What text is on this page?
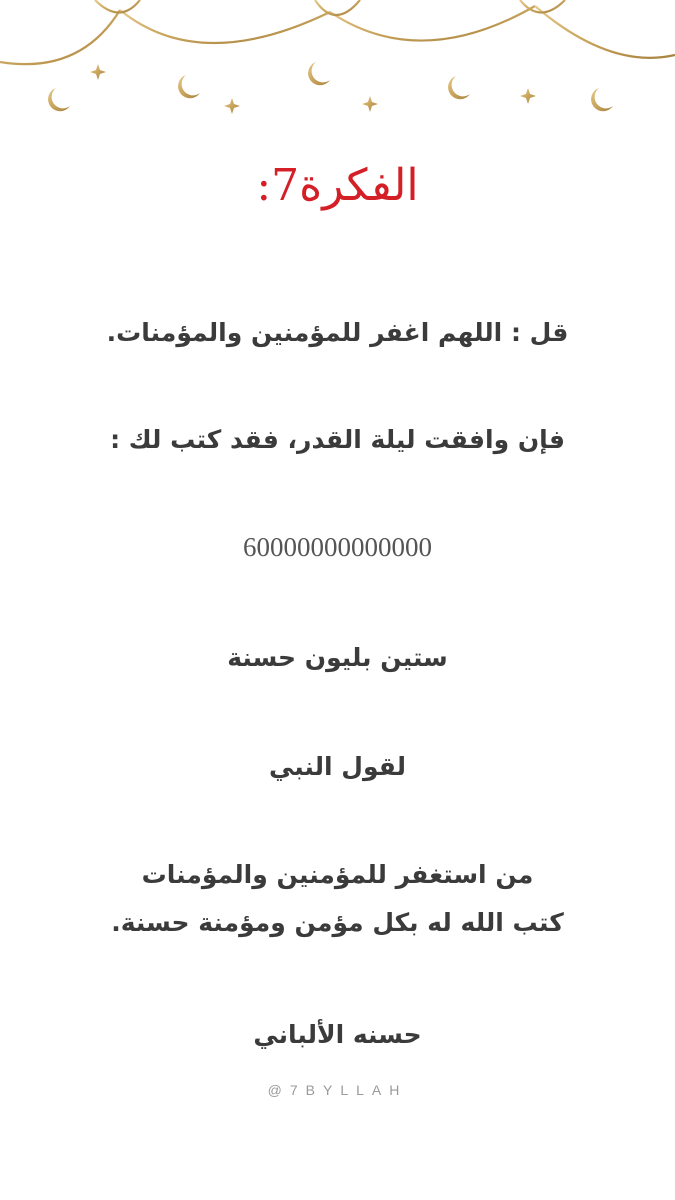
الفكرة7:
قل : اللهم اغفر للمؤمنين والمؤمنات.
فإن وافقت ليلة القدر، فقد كتب لك :
60000000000000
ستين بليون حسنة
لقول النبي
من استغفر للمؤمنين والمؤمنات
كتب الله له بكل مؤمن ومؤمنة حسنة.
حسنه الألباني
@7BYLLAH
